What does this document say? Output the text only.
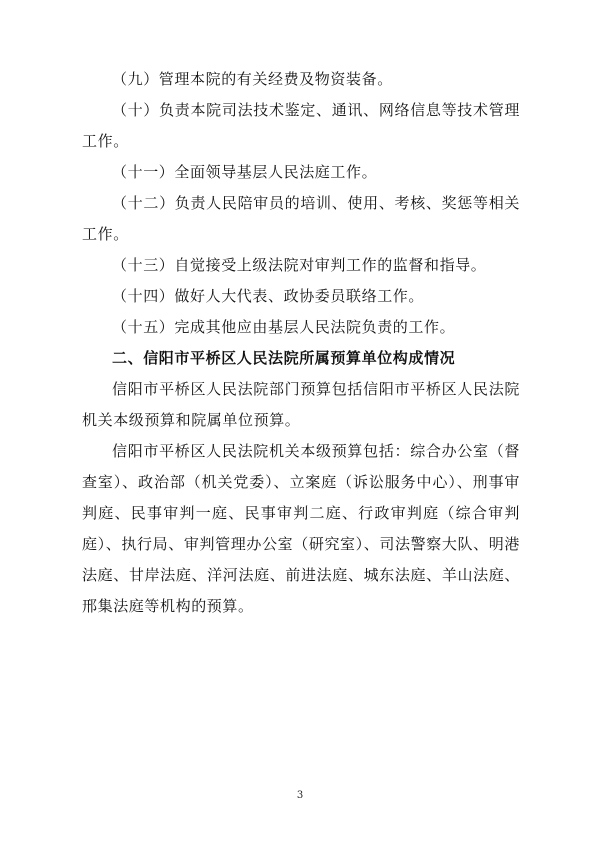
（九）管理本院的有关经费及物资装备。

（十）负责本院司法技术鉴定、通讯、网络信息等技术管理工作。

（十一）全面领导基层人民法庭工作。

（十二）负责人民陪审员的培训、使用、考核、奖惩等相关工作。

（十三）自觉接受上级法院对审判工作的监督和指导。

（十四）做好人大代表、政协委员联络工作。

（十五）完成其他应由基层人民法院负责的工作。

二、信阳市平桥区人民法院所属预算单位构成情况

信阳市平桥区人民法院部门预算包括信阳市平桥区人民法院机关本级预算和院属单位预算。

信阳市平桥区人民法院机关本级预算包括：综合办公室（督查室）、政治部（机关党委）、立案庭（诉讼服务中心）、刑事审判庭、民事审判一庭、民事审判二庭、行政审判庭（综合审判庭）、执行局、审判管理办公室（研究室）、司法警察大队、明港法庭、甘岸法庭、洋河法庭、前进法庭、城东法庭、羊山法庭、邢集法庭等机构的预算。

3
